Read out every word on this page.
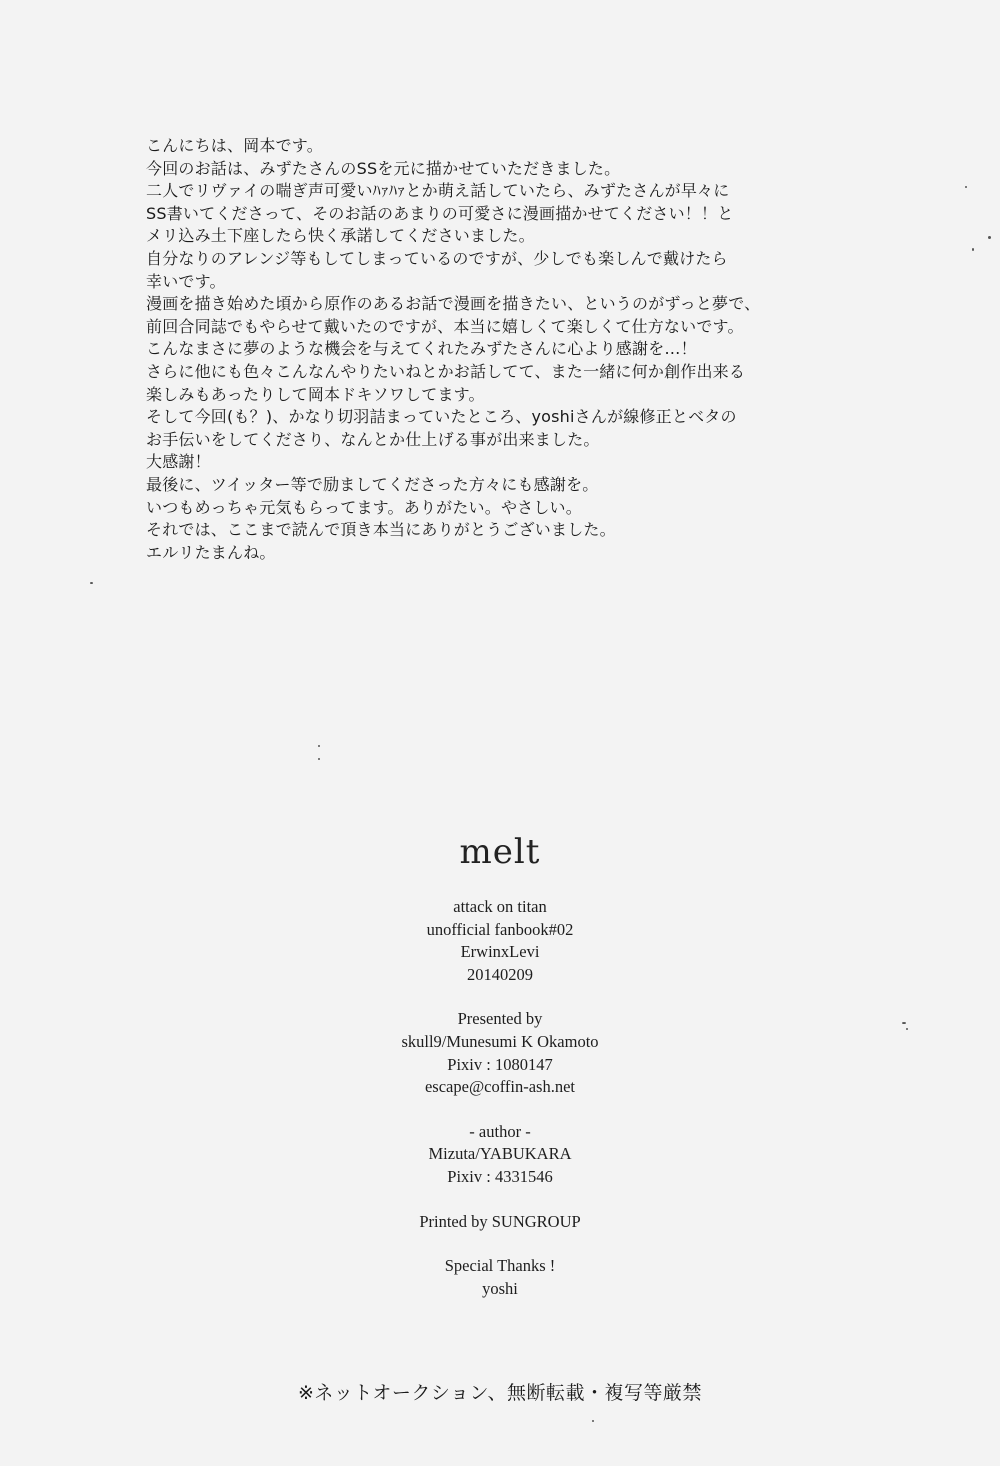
こんにちは、岡本です。
今回のお話は、みずたさんのSSを元に描かせていただきました。
二人でリヴァイの喘ぎ声可愛いﾊｧﾊｧとか萌え話していたら、みずたさんが早々に
SS書いてくださって、そのお話のあまりの可愛さに漫画描かせてください！！と
メリ込み土下座したら快く承諾してくださいました。
自分なりのアレンジ等もしてしまっているのですが、少しでも楽しんで戴けたら
幸いです。
漫画を描き始めた頃から原作のあるお話で漫画を描きたい、というのがずっと夢で、
前回合同誌でもやらせて戴いたのですが、本当に嬉しくて楽しくて仕方ないです。
こんなまさに夢のような機会を与えてくれたみずたさんに心より感謝を…！
さらに他にも色々こんなんやりたいねとかお話してて、また一緒に何か創作出来る
楽しみもあったりして岡本ドキソワしてます。
そして今回(も？)、かなり切羽詰まっていたところ、yoshiさんが線修正とベタの
お手伝いをしてくださり、なんとか仕上げる事が出来ました。
大感謝！
最後に、ツイッター等で励ましてくださった方々にも感謝を。
いつもめっちゃ元気もらってます。ありがたい。やさしい。
それでは、ここまで読んで頂き本当にありがとうございました。
エルリたまんね。
melt
attack on titan
unofficial fanbook#02
ErwinxLevi
20140209
Presented by
skull9/Munesumi K Okamoto
Pixiv : 1080147
escape@coffin-ash.net
- author -
Mizuta/YABUKARA
Pixiv : 4331546
Printed by SUNGROUP
Special Thanks !
yoshi
※ネットオークション、無断転載・複写等厳禁
